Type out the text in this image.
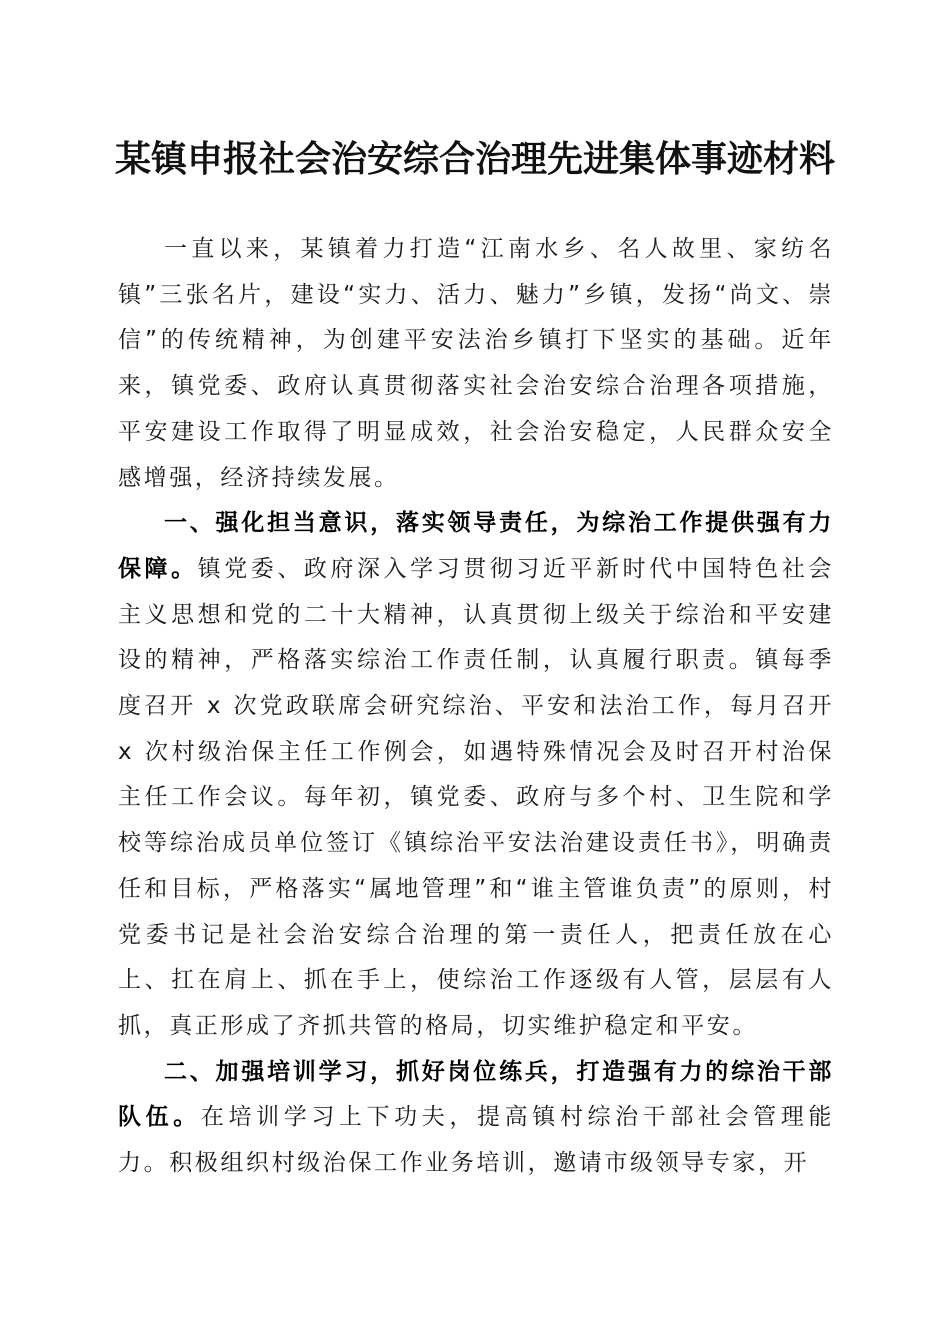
某镇申报社会治安综合治理先进集体事迹材料

一直以来，某镇着力打造“江南水乡、名人故里、家纺名镇”三张名片，建设“实力、活力、魅力”乡镇，发扬“尚文、崇信”的传统精神，为创建平安法治乡镇打下坚实的基础。近年来，镇党委、政府认真贯彻落实社会治安综合治理各项措施，平安建设工作取得了明显成效，社会治安稳定，人民群众安全感增强，经济持续发展。

一、强化担当意识，落实领导责任，为综治工作提供强有力保障。镇党委、政府深入学习贯彻习近平新时代中国特色社会主义思想和党的二十大精神，认真贯彻上级关于综治和平安建设的精神，严格落实综治工作责任制，认真履行职责。镇每季度召开 x 次党政联席会研究综治、平安和法治工作，每月召开 x 次村级治保主任工作例会，如遇特殊情况会及时召开村治保主任工作会议。每年初，镇党委、政府与多个村、卫生院和学校等综治成员单位签订《镇综治平安法治建设责任书》，明确责任和目标，严格落实“属地管理”和“谁主管谁负责”的原则，村党委书记是社会治安综合治理的第一责任人，把责任放在心上、扛在肩上、抓在手上，使综治工作逐级有人管，层层有人抓，真正形成了齐抓共管的格局，切实维护稳定和平安。

二、加强培训学习，抓好岗位练兵，打造强有力的综治干部队伍。在培训学习上下功夫，提高镇村综治干部社会管理能力。积极组织村级治保工作业务培训，邀请市级领导专家，开
